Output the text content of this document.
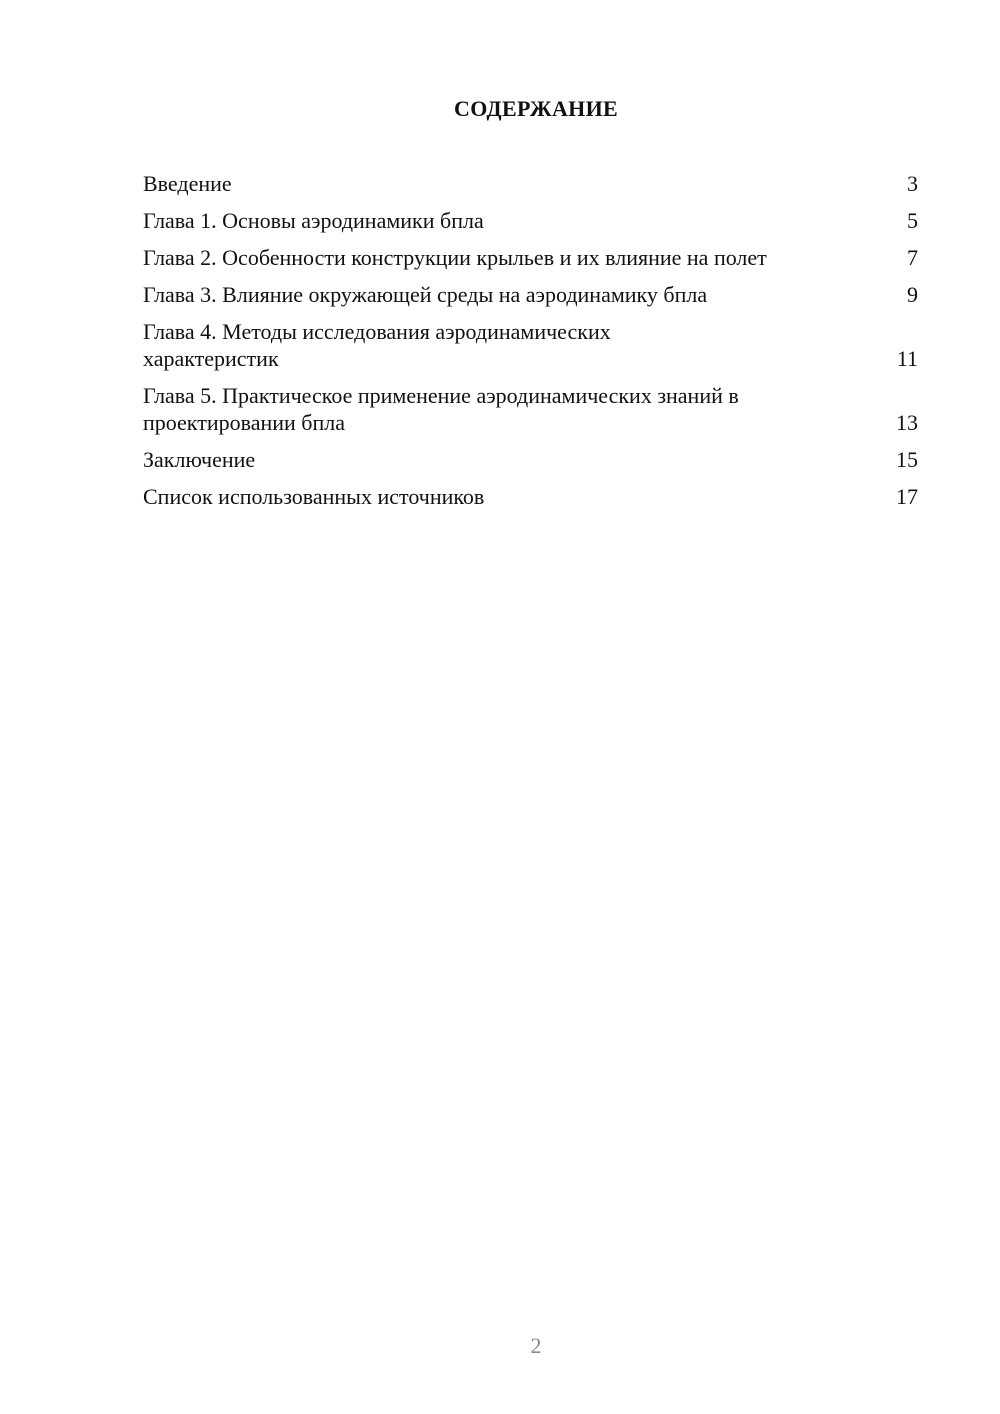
СОДЕРЖАНИЕ
Введение	3
Глава 1. Основы аэродинамики бпла	5
Глава 2. Особенности конструкции крыльев и их влияние на полет	7
Глава 3. Влияние окружающей среды на аэродинамику бпла	9
Глава 4. Методы исследования аэродинамических характеристик	11
Глава 5. Практическое применение аэродинамических знаний в проектировании бпла	13
Заключение	15
Список использованных источников	17
2
